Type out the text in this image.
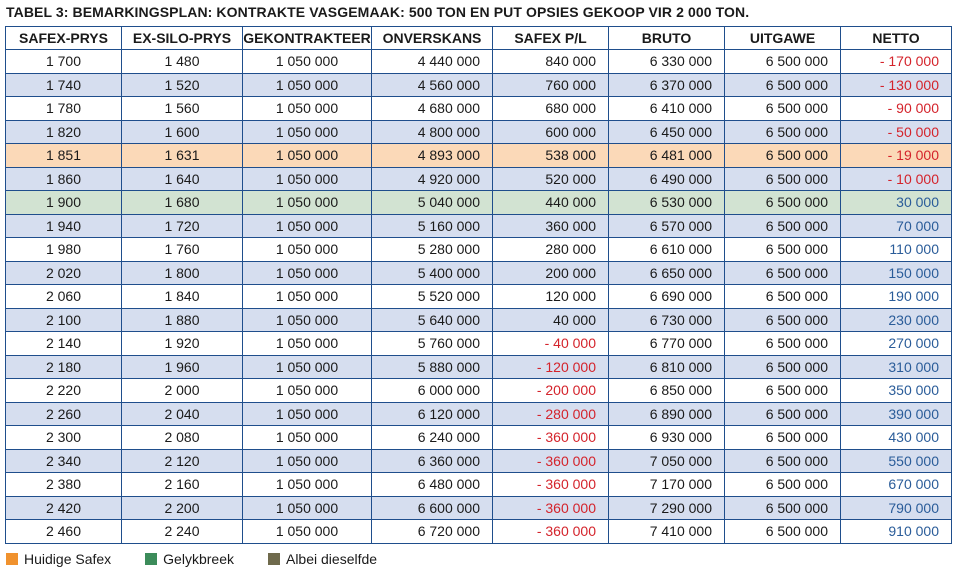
TABEL 3: BEMARKINGSPLAN: KONTRAKTE VASGEMAAK: 500 TON EN PUT OPSIES GEKOOP VIR 2 000 TON.
SAFEX-PRYS	EX-SILO-PRYS	GEKONTRAKTEER	ONVERSKANS	SAFEX P/L	BRUTO	UITGAWE	NETTO
1 700	1 480	1 050 000	4 440 000	840 000	6 330 000	6 500 000	- 170 000
1 740	1 520	1 050 000	4 560 000	760 000	6 370 000	6 500 000	- 130 000
1 780	1 560	1 050 000	4 680 000	680 000	6 410 000	6 500 000	- 90 000
1 820	1 600	1 050 000	4 800 000	600 000	6 450 000	6 500 000	- 50 000
1 851	1 631	1 050 000	4 893 000	538 000	6 481 000	6 500 000	- 19 000
1 860	1 640	1 050 000	4 920 000	520 000	6 490 000	6 500 000	- 10 000
1 900	1 680	1 050 000	5 040 000	440 000	6 530 000	6 500 000	30 000
1 940	1 720	1 050 000	5 160 000	360 000	6 570 000	6 500 000	70 000
1 980	1 760	1 050 000	5 280 000	280 000	6 610 000	6 500 000	110 000
2 020	1 800	1 050 000	5 400 000	200 000	6 650 000	6 500 000	150 000
2 060	1 840	1 050 000	5 520 000	120 000	6 690 000	6 500 000	190 000
2 100	1 880	1 050 000	5 640 000	40 000	6 730 000	6 500 000	230 000
2 140	1 920	1 050 000	5 760 000	- 40 000	6 770 000	6 500 000	270 000
2 180	1 960	1 050 000	5 880 000	- 120 000	6 810 000	6 500 000	310 000
2 220	2 000	1 050 000	6 000 000	- 200 000	6 850 000	6 500 000	350 000
2 260	2 040	1 050 000	6 120 000	- 280 000	6 890 000	6 500 000	390 000
2 300	2 080	1 050 000	6 240 000	- 360 000	6 930 000	6 500 000	430 000
2 340	2 120	1 050 000	6 360 000	- 360 000	7 050 000	6 500 000	550 000
2 380	2 160	1 050 000	6 480 000	- 360 000	7 170 000	6 500 000	670 000
2 420	2 200	1 050 000	6 600 000	- 360 000	7 290 000	6 500 000	790 000
2 460	2 240	1 050 000	6 720 000	- 360 000	7 410 000	6 500 000	910 000
Huidige Safex	Gelykbreek	Albei dieselfde
